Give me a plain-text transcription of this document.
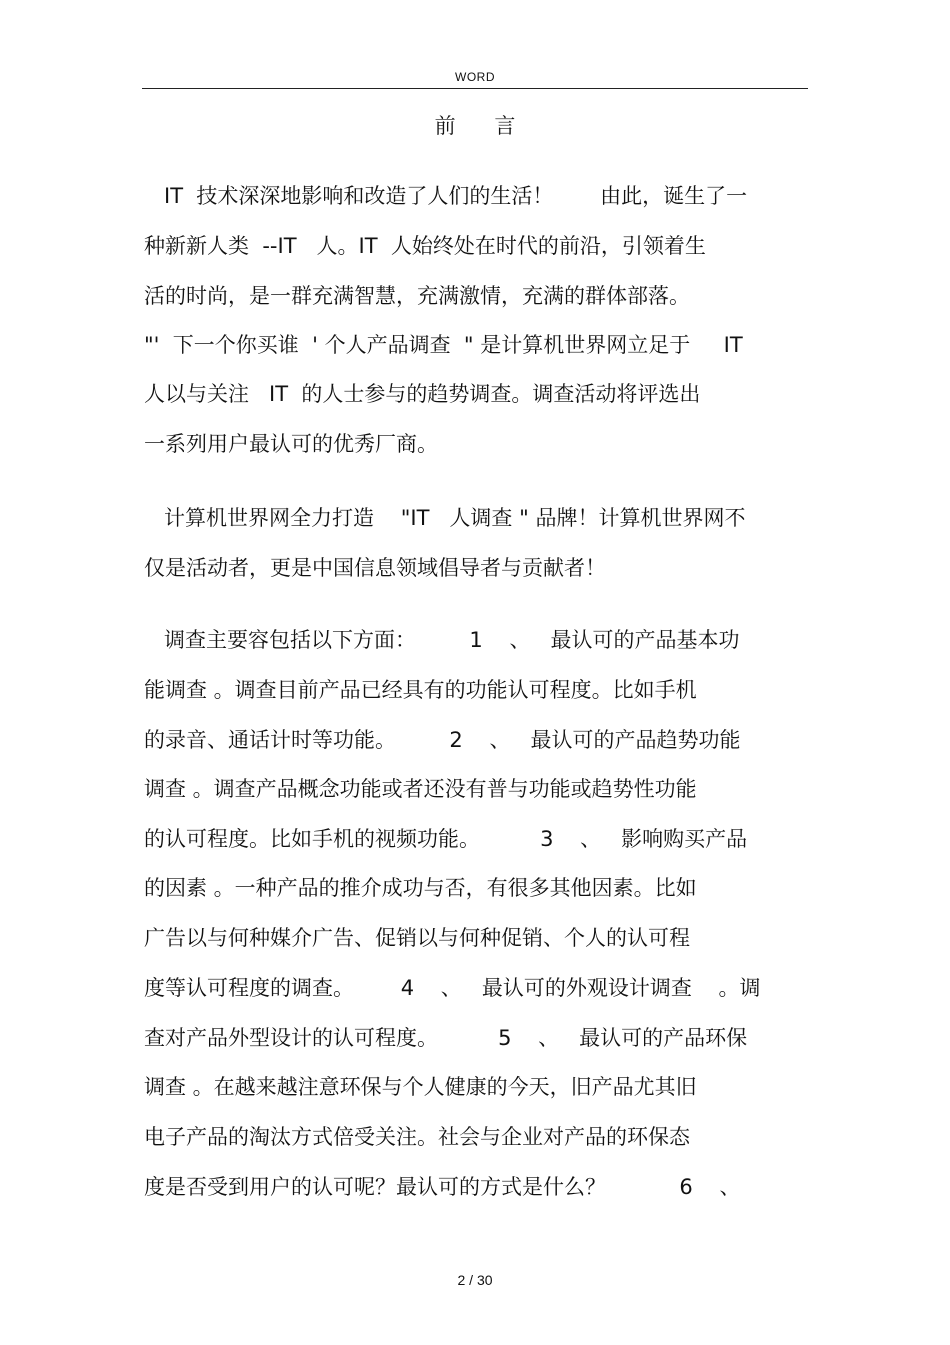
WORD
前 言
IT  技术深深地影响和改造了人们的生活！       由此，诞生了一
种新新人类  --IT   人。IT  人始终处在时代的前沿，引领着生
活的时尚，是一群充满智慧，充满激情，充满的群体部落。
"'  下一个你买谁  ' 个人产品调查  " 是计算机世界网立足于     IT
人以与关注   IT  的人士参与的趋势调查。调查活动将评选出
一系列用户最认可的优秀厂商。
计算机世界网全力打造    "IT   人调查 " 品牌！计算机世界网不
仅是活动者，更是中国信息领域倡导者与贡献者！
调查主要容包括以下方面：        1    、   最认可的产品基本功
能调查 。调查目前产品已经具有的功能认可程度。比如手机
的录音、通话计时等功能。        2    、   最认可的产品趋势功能
调查 。调查产品概念功能或者还没有普与功能或趋势性功能
的认可程度。比如手机的视频功能。         3    、   影响购买产品
的因素 。一种产品的推介成功与否，有很多其他因素。比如
广告以与何种媒介广告、促销以与何种促销、个人的认可程
度等认可程度的调查。       4    、   最认可的外观设计调查    。调
查对产品外型设计的认可程度。         5    、   最认可的产品环保
调查 。在越来越注意环保与个人健康的今天，旧产品尤其旧
电子产品的淘汰方式倍受关注。社会与企业对产品的环保态
度是否受到用户的认可呢？最认可的方式是什么？           6    、
2 / 30
